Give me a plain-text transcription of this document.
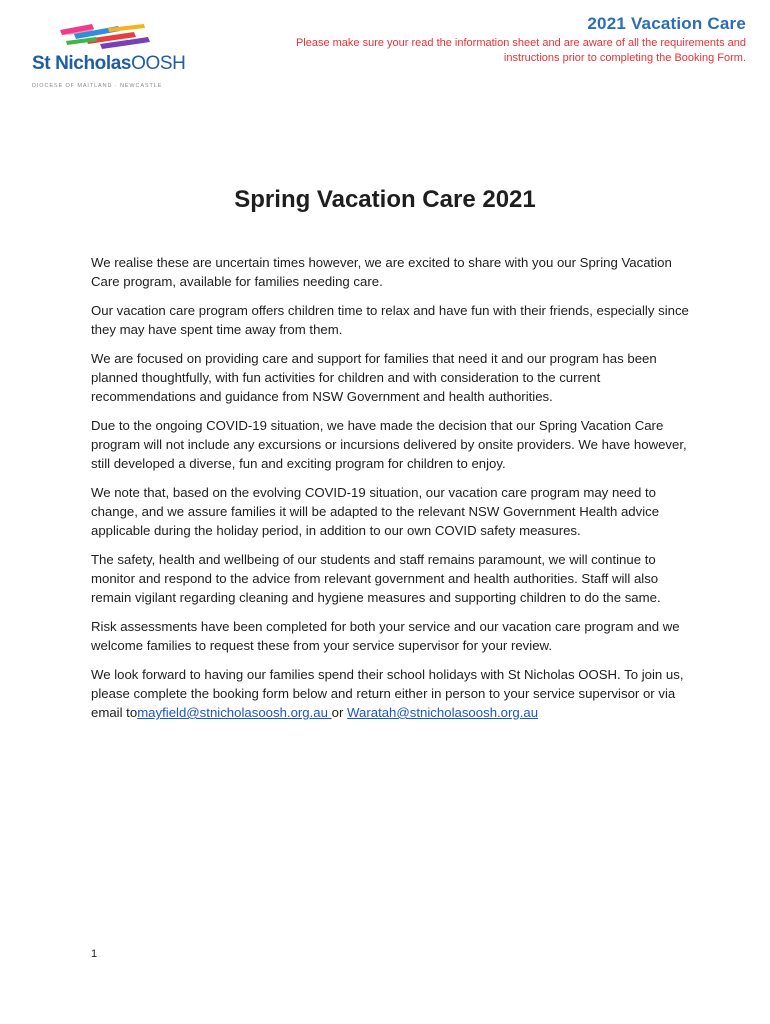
St NicholasOOSH
DIOCESE OF MAITLAND · NEWCASTLE
2021 Vacation Care
Please make sure your read the information sheet and are aware of all the requirements and instructions prior to completing the Booking Form.
Spring Vacation Care 2021

We realise these are uncertain times however, we are excited to share with you our Spring Vacation Care program, available for families needing care.

Our vacation care program offers children time to relax and have fun with their friends, especially since they may have spent time away from them.

We are focused on providing care and support for families that need it and our program has been planned thoughtfully, with fun activities for children and with consideration to the current recommendations and guidance from NSW Government and health authorities.

Due to the ongoing COVID-19 situation, we have made the decision that our Spring Vacation Care program will not include any excursions or incursions delivered by onsite providers. We have however, still developed a diverse, fun and exciting program for children to enjoy.

We note that, based on the evolving COVID-19 situation, our vacation care program may need to change, and we assure families it will be adapted to the relevant NSW Government Health advice applicable during the holiday period, in addition to our own COVID safety measures.

The safety, health and wellbeing of our students and staff remains paramount, we will continue to monitor and respond to the advice from relevant government and health authorities. Staff will also remain vigilant regarding cleaning and hygiene measures and supporting children to do the same.

Risk assessments have been completed for both your service and our vacation care program and we welcome families to request these from your service supervisor for your review.

We look forward to having our families spend their school holidays with St Nicholas OOSH. To join us, please complete the booking form below and return either in person to your service supervisor or via email tomayfield@stnicholasoosh.org.au or Waratah@stnicholasoosh.org.au

1
